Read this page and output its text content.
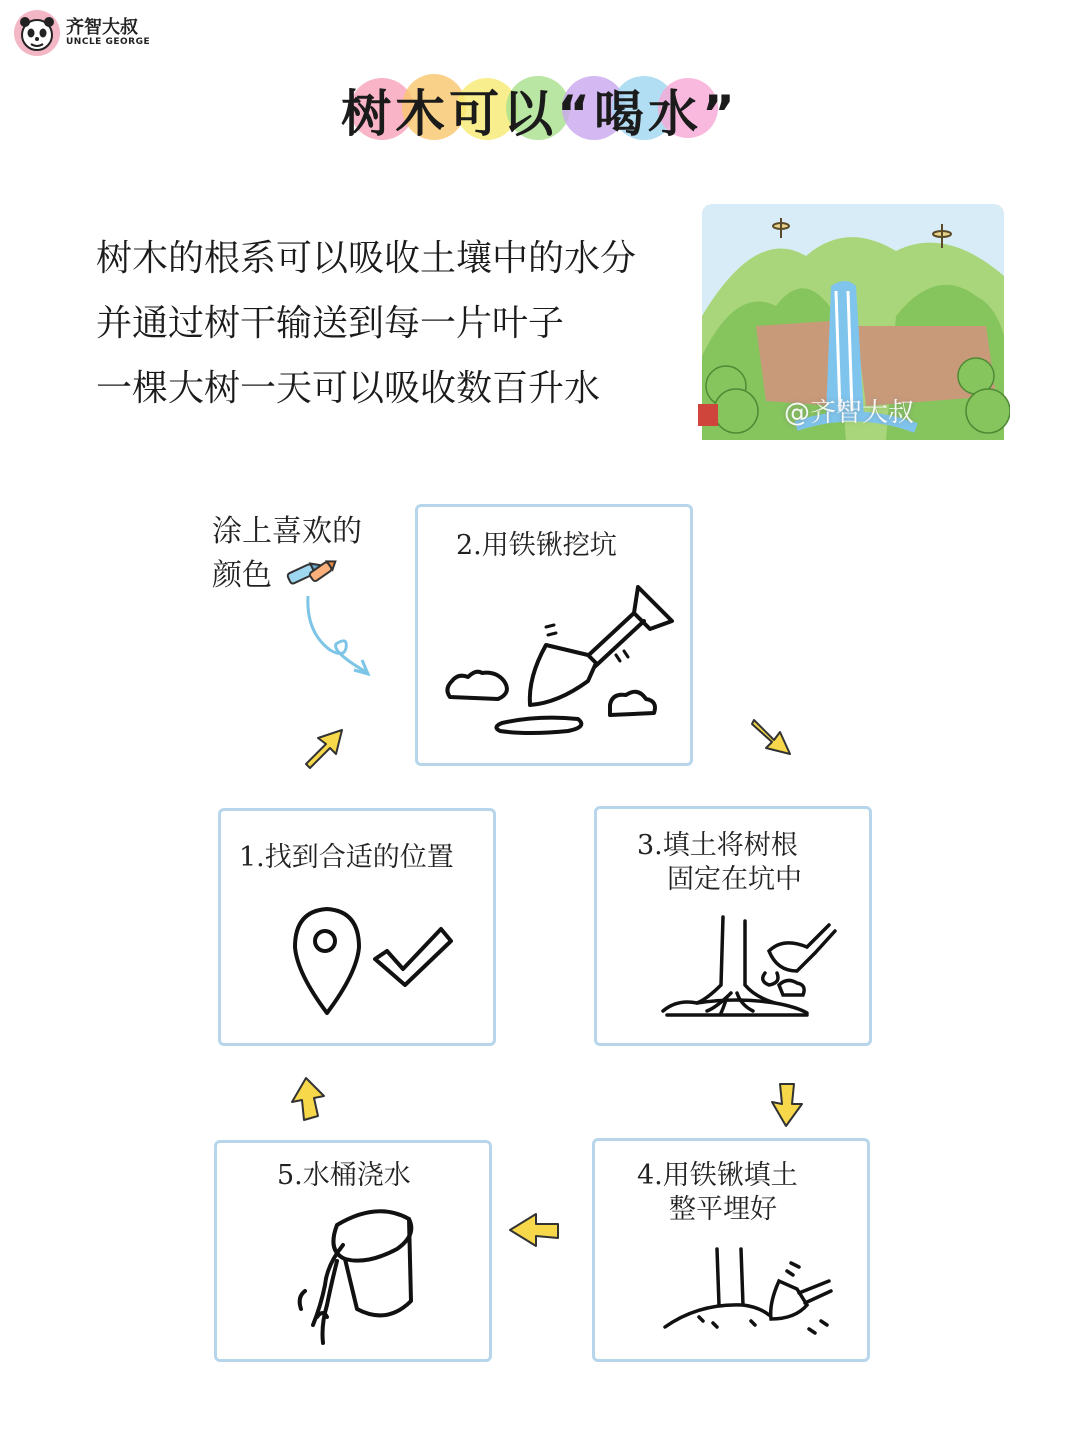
齐智大叔
UNCLE GEORGE
树木可以“喝水”
树木的根系可以吸收土壤中的水分
并通过树干输送到每一片叶子
一棵大树一天可以吸收数百升水
@齐智大叔
涂上喜欢的
颜色
2.用铁锹挖坑
1.找到合适的位置	3.填土将树根
固定在坑中
5.水桶浇水	4.用铁锹填土
整平埋好
